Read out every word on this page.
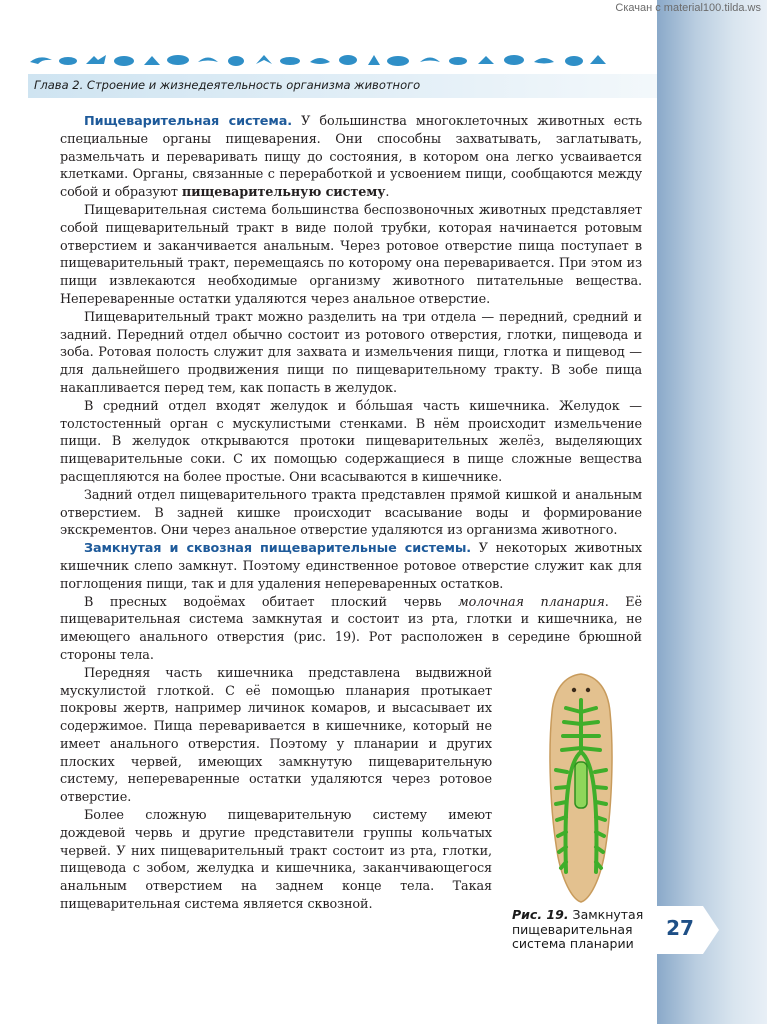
Скачан с material100.tilda.ws
Глава 2. Строение и жизнедеятельность организма животного

Пищеварительная система. У большинства многоклеточных животных есть специальные органы пищеварения. Они способны захватывать, заглатывать, размельчать и переваривать пищу до состояния, в котором она легко усваивается клетками. Органы, связанные с переработкой и усвоением пищи, сообщаются между собой и образуют пищеварительную систему.

Пищеварительная система большинства беспозвоночных животных представляет собой пищеварительный тракт в виде полой трубки, которая начинается ротовым отверстием и заканчивается анальным. Через ротовое отверстие пища поступает в пищеварительный тракт, перемещаясь по которому она переваривается. При этом из пищи извлекаются необходимые организму животного питательные вещества. Непереваренные остатки удаляются через анальное отверстие.

Пищеварительный тракт можно разделить на три отдела — передний, средний и задний. Передний отдел обычно состоит из ротового отверстия, глотки, пищевода и зоба. Ротовая полость служит для захвата и измельчения пищи, глотка и пищевод — для дальнейшего продвижения пищи по пищеварительному тракту. В зобе пища накапливается перед тем, как попасть в желудок.

В средний отдел входят желудок и бóльшая часть кишечника. Желудок — толстостенный орган с мускулистыми стенками. В нём происходит измельчение пищи. В желудок открываются протоки пищеварительных желёз, выделяющих пищеварительные соки. С их помощью содержащиеся в пище сложные вещества расщепляются на более простые. Они всасываются в кишечнике.

Задний отдел пищеварительного тракта представлен прямой кишкой и анальным отверстием. В задней кишке происходит всасывание воды и формирование экскрементов. Они через анальное отверстие удаляются из организма животного.

Замкнутая и сквозная пищеварительные системы. У некоторых животных кишечник слепо замкнут. Поэтому единственное ротовое отверстие служит как для поглощения пищи, так и для удаления непереваренных остатков.

В пресных водоёмах обитает плоский червь молочная планария. Её пищеварительная система замкнутая и состоит из рта, глотки и кишечника, не имеющего анального отверстия (рис. 19). Рот расположен в середине брюшной стороны тела.

Передняя часть кишечника представлена выдвижной мускулистой глоткой. С её помощью планария протыкает покровы жертв, например личинок комаров, и высасывает их содержимое. Пища переваривается в кишечнике, который не имеет анального отверстия. Поэтому у планарии и других плоских червей, имеющих замкнутую пищеварительную систему, непереваренные остатки удаляются через ротовое отверстие.

Более сложную пищеварительную систему имеют дождевой червь и другие представители группы кольчатых червей. У них пищеварительный тракт состоит из рта, глотки, пищевода с зобом, желудка и кишечника, заканчивающегося анальным отверстием на заднем конце тела. Такая пищеварительная система является сквозной.

Рис. 19. Замкнутая пищеварительная система планарии
27
